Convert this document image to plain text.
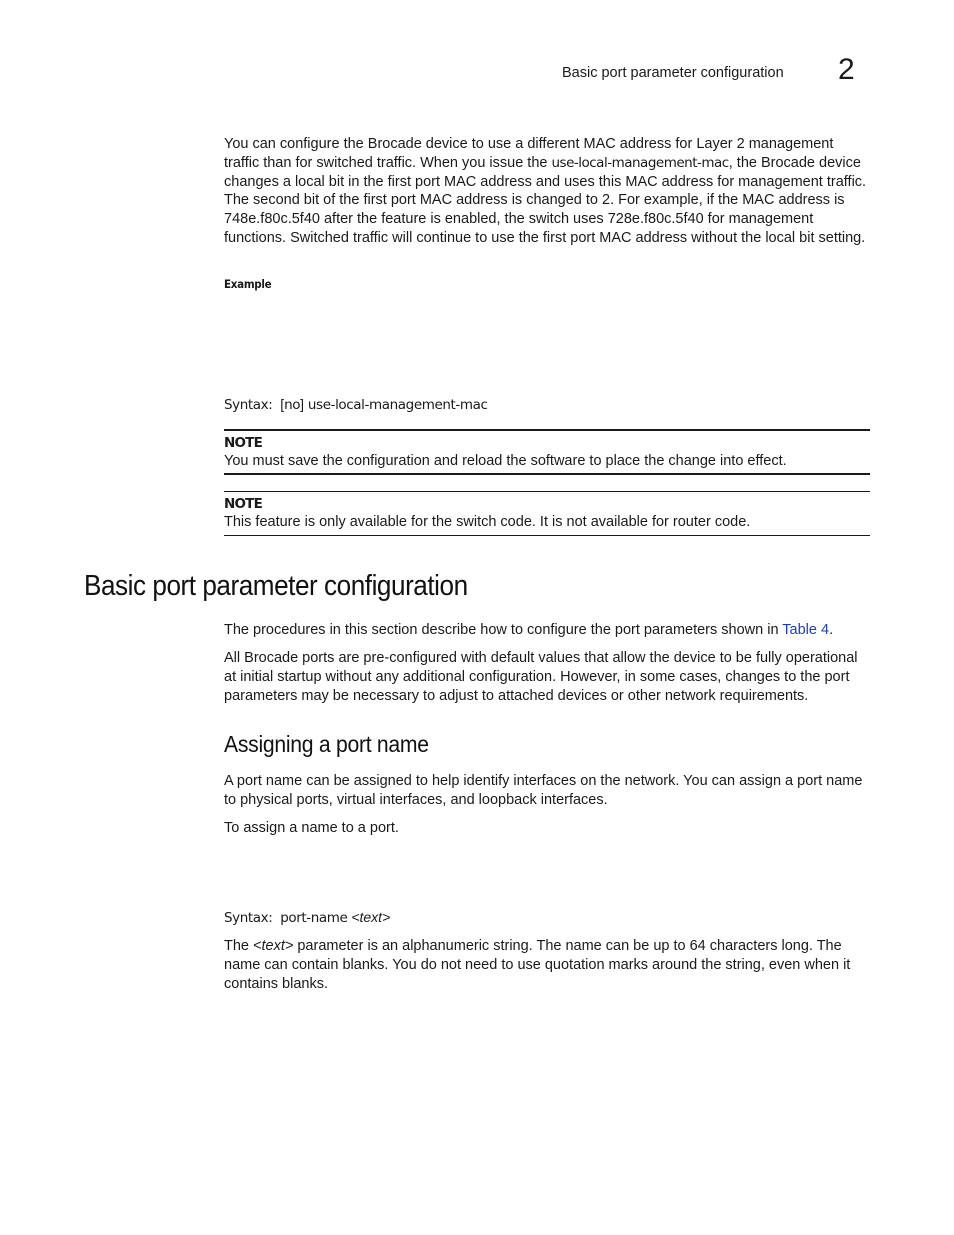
Basic port parameter configuration 2
You can configure the Brocade device to use a different MAC address for Layer 2 management traffic than for switched traffic. When you issue the use-local-management-mac, the Brocade device changes a local bit in the first port MAC address and uses this MAC address for management traffic. The second bit of the first port MAC address is changed to 2. For example, if the MAC address is 748e.f80c.5f40 after the feature is enabled, the switch uses 728e.f80c.5f40 for management functions. Switched traffic will continue to use the first port MAC address without the local bit setting.
Example
Syntax: [no] use-local-management-mac
NOTE
You must save the configuration and reload the software to place the change into effect.
NOTE
This feature is only available for the switch code. It is not available for router code.
Basic port parameter configuration
The procedures in this section describe how to configure the port parameters shown in Table 4.
All Brocade ports are pre-configured with default values that allow the device to be fully operational at initial startup without any additional configuration. However, in some cases, changes to the port parameters may be necessary to adjust to attached devices or other network requirements.
Assigning a port name
A port name can be assigned to help identify interfaces on the network. You can assign a port name to physical ports, virtual interfaces, and loopback interfaces.
To assign a name to a port.
Syntax: port-name <text>
The <text> parameter is an alphanumeric string. The name can be up to 64 characters long. The name can contain blanks. You do not need to use quotation marks around the string, even when it contains blanks.
